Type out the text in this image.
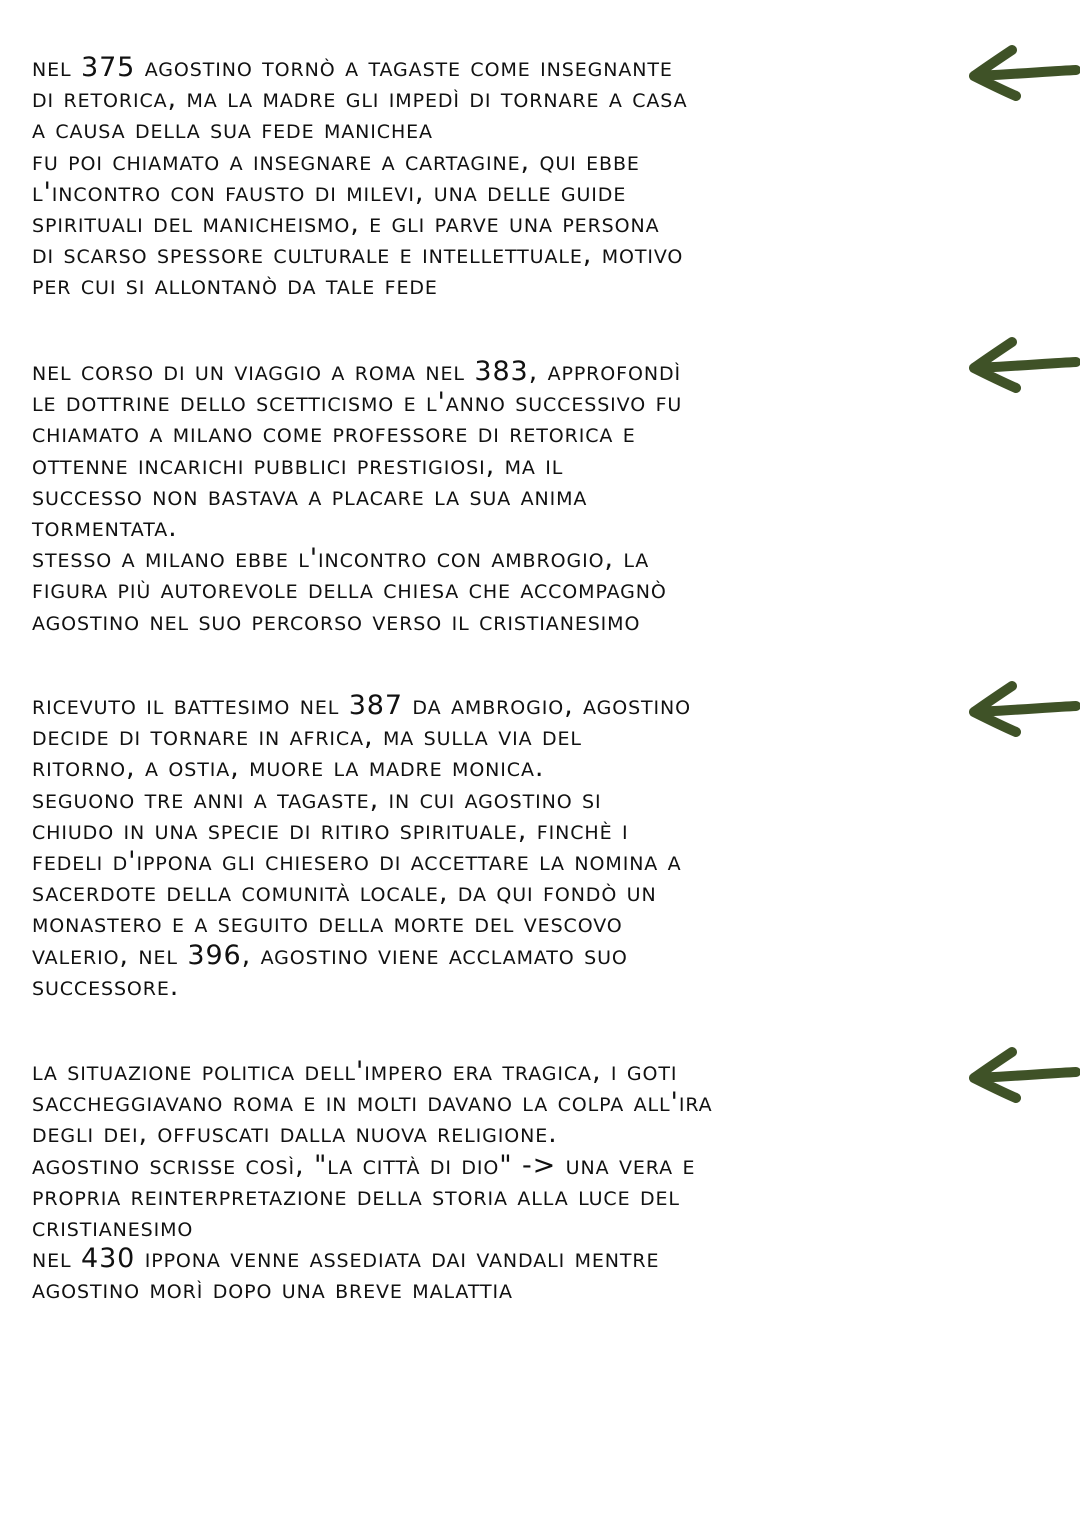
nel 375 agostino tornò a tagaste come insegnante
di retorica, ma la madre gli impedì di tornare a casa
a causa della sua fede manichea
fu poi chiamato a insegnare a cartagine, qui ebbe
l'incontro con fausto di milevi, una delle guide
spirituali del manicheismo, e gli parve una persona
di scarso spessore culturale e intellettuale, motivo
per cui si allontanò da tale fede
nel corso di un viaggio a roma nel 383, approfondì
le dottrine dello scetticismo e l'anno successivo fu
chiamato a milano come professore di retorica e
ottenne incarichi pubblici prestigiosi, ma il
successo non bastava a placare la sua anima
tormentata.
stesso a milano ebbe l'incontro con ambrogio, la
figura più autorevole della chiesa che accompagnò
agostino nel suo percorso verso il cristianesimo
ricevuto il battesimo nel 387 da ambrogio, agostino
decide di tornare in africa, ma sulla via del
ritorno, a ostia, muore la madre monica.
seguono tre anni a tagaste, in cui agostino si
chiudo in una specie di ritiro spirituale, finchè i
fedeli d'ippona gli chiesero di accettare la nomina a
sacerdote della comunità locale, da qui fondò un
monastero e a seguito della morte del vescovo
valerio, nel 396, agostino viene acclamato suo
successore.
la situazione politica dell'impero era tragica, i goti
saccheggiavano roma e in molti davano la colpa all'ira
degli dei, offuscati dalla nuova religione.
agostino scrisse così, "la città di dio" -> una vera e
propria reinterpretazione della storia alla luce del
cristianesimo
nel 430 ippona venne assediata dai vandali mentre
agostino morì dopo una breve malattia
